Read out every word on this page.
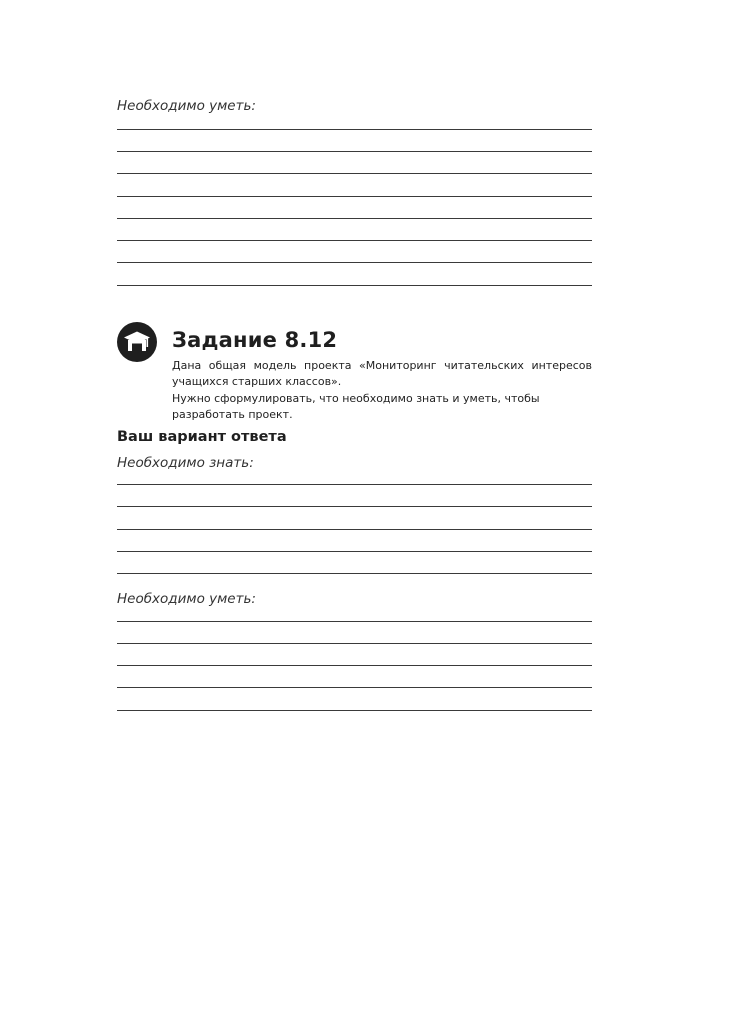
Необходимо уметь:
Задание 8.12

Дана общая модель проекта «Мониторинг читательских интересов учащихся старших классов».

Нужно сформулировать, что необходимо знать и уметь, чтобы разработать проект.

Ваш вариант ответа
Необходимо знать:
Необходимо уметь:
